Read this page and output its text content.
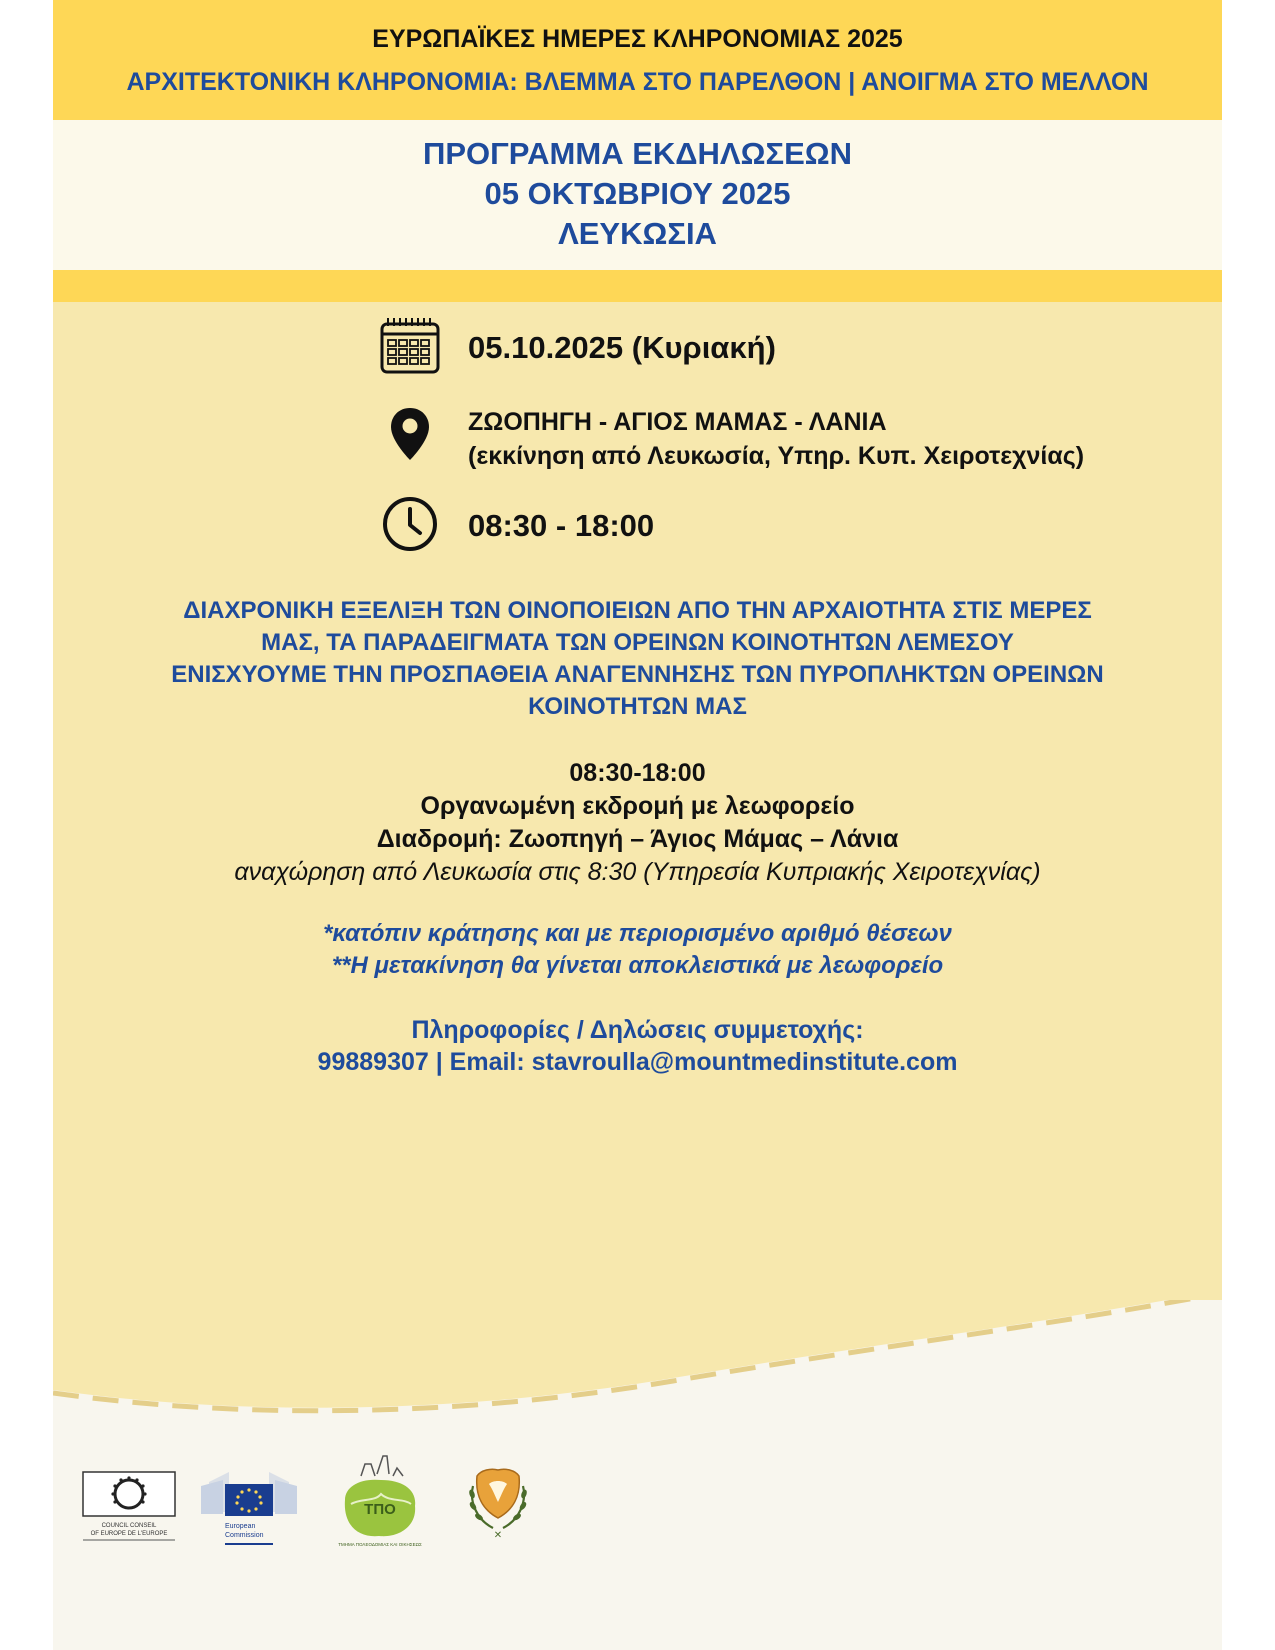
ΕΥΡΩΠΑΪΚΕΣ ΗΜΕΡΕΣ ΚΛΗΡΟΝΟΜΙΑΣ 2025
ΑΡΧΙΤΕΚΤΟΝΙΚΗ ΚΛΗΡΟΝΟΜΙΑ: ΒΛΕΜΜΑ ΣΤΟ ΠΑΡΕΛΘΟΝ | ΑΝΟΙΓΜΑ ΣΤΟ ΜΕΛΛΟΝ
ΠΡΟΓΡΑΜΜΑ ΕΚΔΗΛΩΣΕΩΝ
05 ΟΚΤΩΒΡΙΟΥ 2025
ΛΕΥΚΩΣΙΑ
05.10.2025 (Κυριακή)
ΖΩΟΠΗΓΗ - ΑΓΙΟΣ ΜΑΜΑΣ - ΛΑΝΙΑ
(εκκίνηση από Λευκωσία, Υπηρ. Κυπ. Χειροτεχνίας)
08:30 - 18:00
ΔΙΑΧΡΟΝΙΚΗ ΕΞΕΛΙΞΗ ΤΩΝ ΟΙΝΟΠΟΙΕΙΩΝ ΑΠΟ ΤΗΝ ΑΡΧΑΙΟΤΗΤΑ ΣΤΙΣ ΜΕΡΕΣ
ΜΑΣ, ΤΑ ΠΑΡΑΔΕΙΓΜΑΤΑ ΤΩΝ ΟΡΕΙΝΩΝ ΚΟΙΝΟΤΗΤΩΝ ΛΕΜΕΣΟΥ
ΕΝΙΣΧΥΟΥΜΕ ΤΗΝ ΠΡΟΣΠΑΘΕΙΑ ΑΝΑΓΕΝΝΗΣΗΣ ΤΩΝ ΠΥΡΟΠΛΗΚΤΩΝ ΟΡΕΙΝΩΝ
ΚΟΙΝΟΤΗΤΩΝ ΜΑΣ
08:30-18:00
Οργανωμένη εκδρομή με λεωφορείο
Διαδρομή: Ζωοπηγή – Άγιος Μάμας – Λάνια
αναχώρηση από Λευκωσία στις 8:30 (Υπηρεσία Κυπριακής Χειροτεχνίας)
*κατόπιν κράτησης και με περιορισμένο αριθμό θέσεων
**Η μετακίνηση θα γίνεται αποκλειστικά με λεωφορείο
Πληροφορίες / Δηλώσεις συμμετοχής:
99889307 | Email: stavroulla@mountmedinstitute.com
COUNCIL CONSEIL
OF EUROPE DE L'EUROPE
European
Commission
ΤΠΟ
ΤΜΗΜΑ ΠΟΛΕΟΔΟΜΙΑΣ ΚΑΙ ΟΙΚΗΣΕΩΣ
✕
